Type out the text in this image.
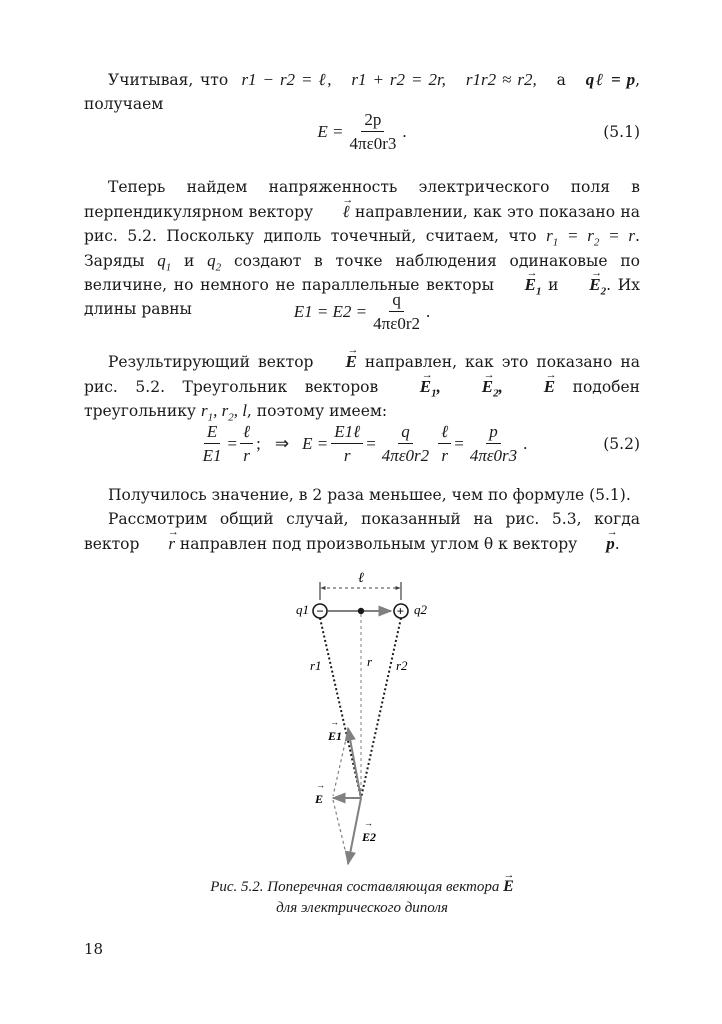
Учитывая, что r1 − r2 = ℓ, r1 + r2 = 2r, r1r2 ≈ r2, а qℓ = p, получаем

$E = \frac{2p}{4\pi\varepsilon 0r3}$ .	(5.1)

Теперь найдем напряженность электрического поля в перпендикулярном вектору → ℓ направлении, как это показано на рис. 5.2. Поскольку диполь точечный, считаем, что $r_1 = r_2 = r$. Заряды $q_1$ и $q_2$ создают в точке наблюдения одинаковые по величине, но немного не параллельные векторы → $E_1$ $и \to E_2$. Их длины равны	$E1 = E2 = \frac{q}{4\pi\varepsilon 0r2}$ .

Результирующий вектор → E направлен, как это показано на рис. 5.2. Треугольник векторов → $E_1$, → $E_2$, → E подобен треугольнику $r_1$, $r_2$, l, поэтому имеем:

$\frac{E}{E1} = \frac{\text{ℓ}}{r}$ ; ⇒ $E = \frac{\text{E1ℓ}}{r} = \frac{q}{4\pi\varepsilon 0r2} \frac{\text{ℓ}}{r} = \frac{p}{4\pi\varepsilon 0r3}$ .	(5.2)

Получилось значение, в 2 раза меньшее, чем по формуле (5.1).

Рассмотрим общий случай, показанный на рис. 5.3, когда вектор → r направлен под произвольным углом θ к вектору → p.

ℓ
−	+
q1	q2
r1	r r2
→
E1
→
E
→
E2

Рис. 5.2. Поперечная составляющая вектора → E
для электрического диполя

18
